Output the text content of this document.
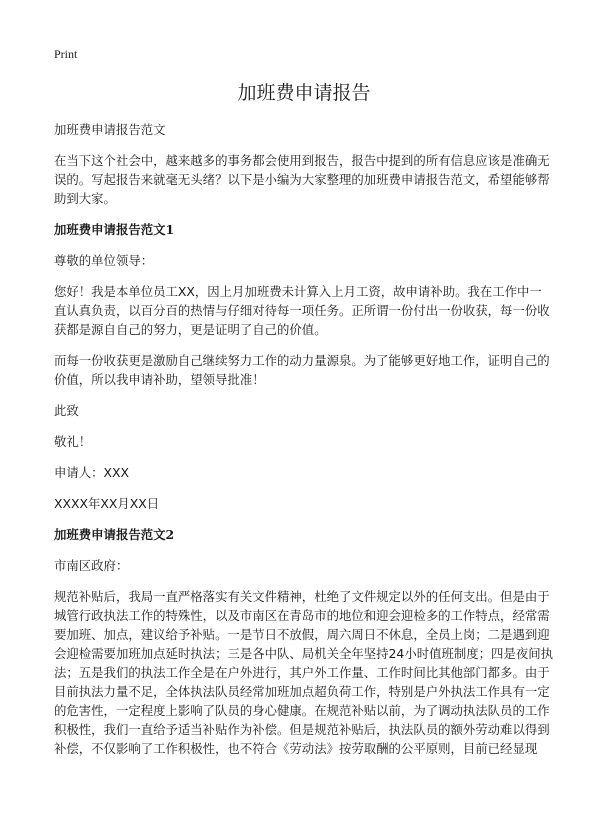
Print
加班费申请报告

加班费申请报告范文

在当下这个社会中，越来越多的事务都会使用到报告，报告中提到的所有信息应该是准确无误的。写起报告来就毫无头绪？以下是小编为大家整理的加班费申请报告范文，希望能够帮助到大家。

加班费申请报告范文1

尊敬的单位领导：

您好！我是本单位员工XX，因上月加班费未计算入上月工资，故申请补助。我在工作中一直认真负责，以百分百的热情与仔细对待每一项任务。正所谓一份付出一份收获，每一份收获都是源自自己的努力，更是证明了自己的价值。

而每一份收获更是激励自己继续努力工作的动力量源泉。为了能够更好地工作，证明自己的价值，所以我申请补助，望领导批准！

此致

敬礼！

申请人：XXX

XXXX年XX月XX日

加班费申请报告范文2

市南区政府：

规范补贴后，我局一直严格落实有关文件精神，杜绝了文件规定以外的任何支出。但是由于城管行政执法工作的特殊性，以及市南区在青岛市的地位和迎会迎检多的工作特点，经常需要加班、加点，建议给予补贴。一是节日不放假，周六周日不休息，全员上岗；二是遇到迎会迎检需要加班加点延时执法；三是各中队、局机关全年坚持24小时值班制度；四是夜间执法；五是我们的执法工作全是在户外进行，其户外工作量、工作时间比其他部门都多。由于目前执法力量不足，全体执法队员经常加班加点超负荷工作，特别是户外执法工作具有一定的危害性，一定程度上影响了队员的身心健康。在规范补贴以前，为了调动执法队员的工作积极性，我们一直给予适当补贴作为补偿。但是规范补贴后，执法队员的额外劳动难以得到补偿，不仅影响了工作积极性，也不符合《劳动法》按劳取酬的公平原则，目前已经显现
